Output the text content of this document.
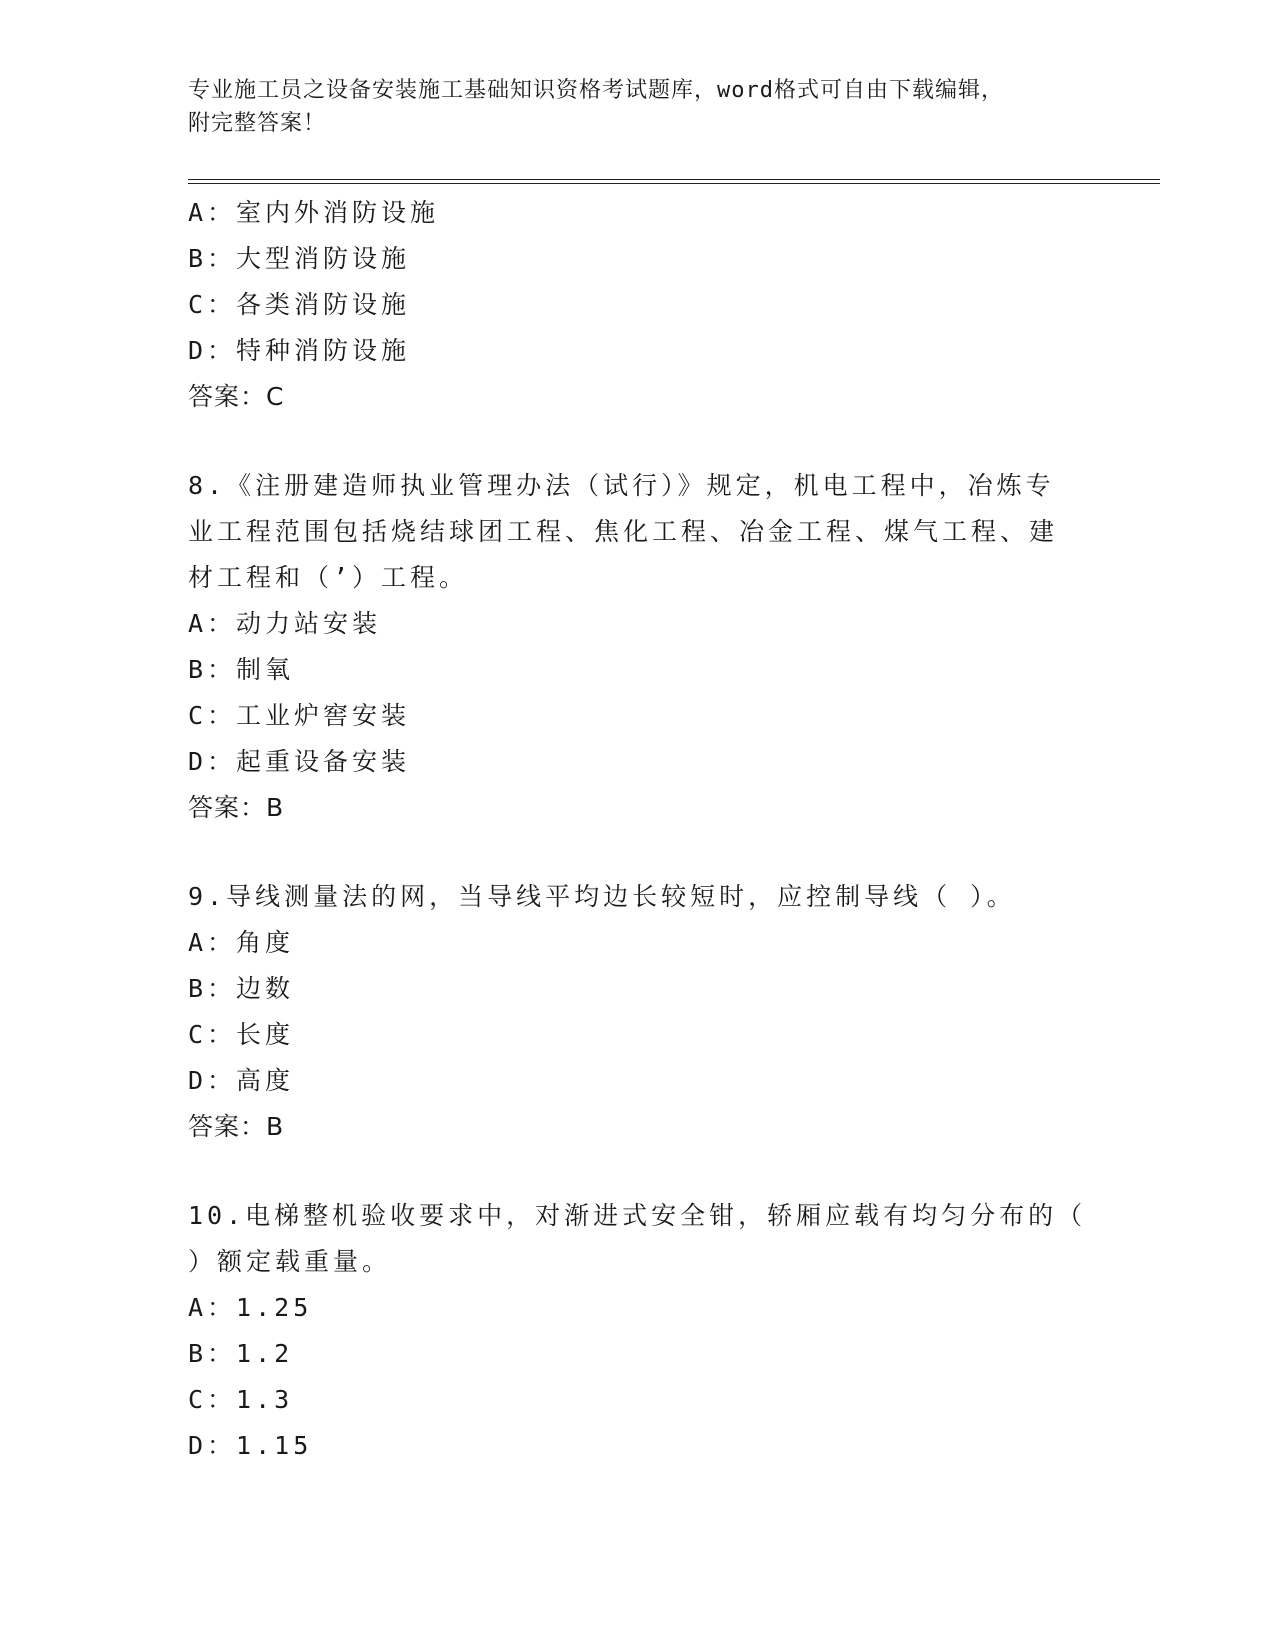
专业施工员之设备安装施工基础知识资格考试题库，word格式可自由下载编辑，
附完整答案！
A：室内外消防设施
B：大型消防设施
C：各类消防设施
D：特种消防设施
答案：C
8.《注册建造师执业管理办法（试行）》规定，机电工程中，冶炼专
业工程范围包括烧结球团工程、焦化工程、冶金工程、煤气工程、建
材工程和（’）工程。
A：动力站安装
B：制氧
C：工业炉窖安装
D：起重设备安装
答案：B
9.导线测量法的网，当导线平均边长较短时，应控制导线（ ）。
A：角度
B：边数
C：长度
D：高度
答案：B
10.电梯整机验收要求中，对渐进式安全钳，轿厢应载有均匀分布的（
）额定载重量。
A：1.25
B：1.2
C：1.3
D：1.15
